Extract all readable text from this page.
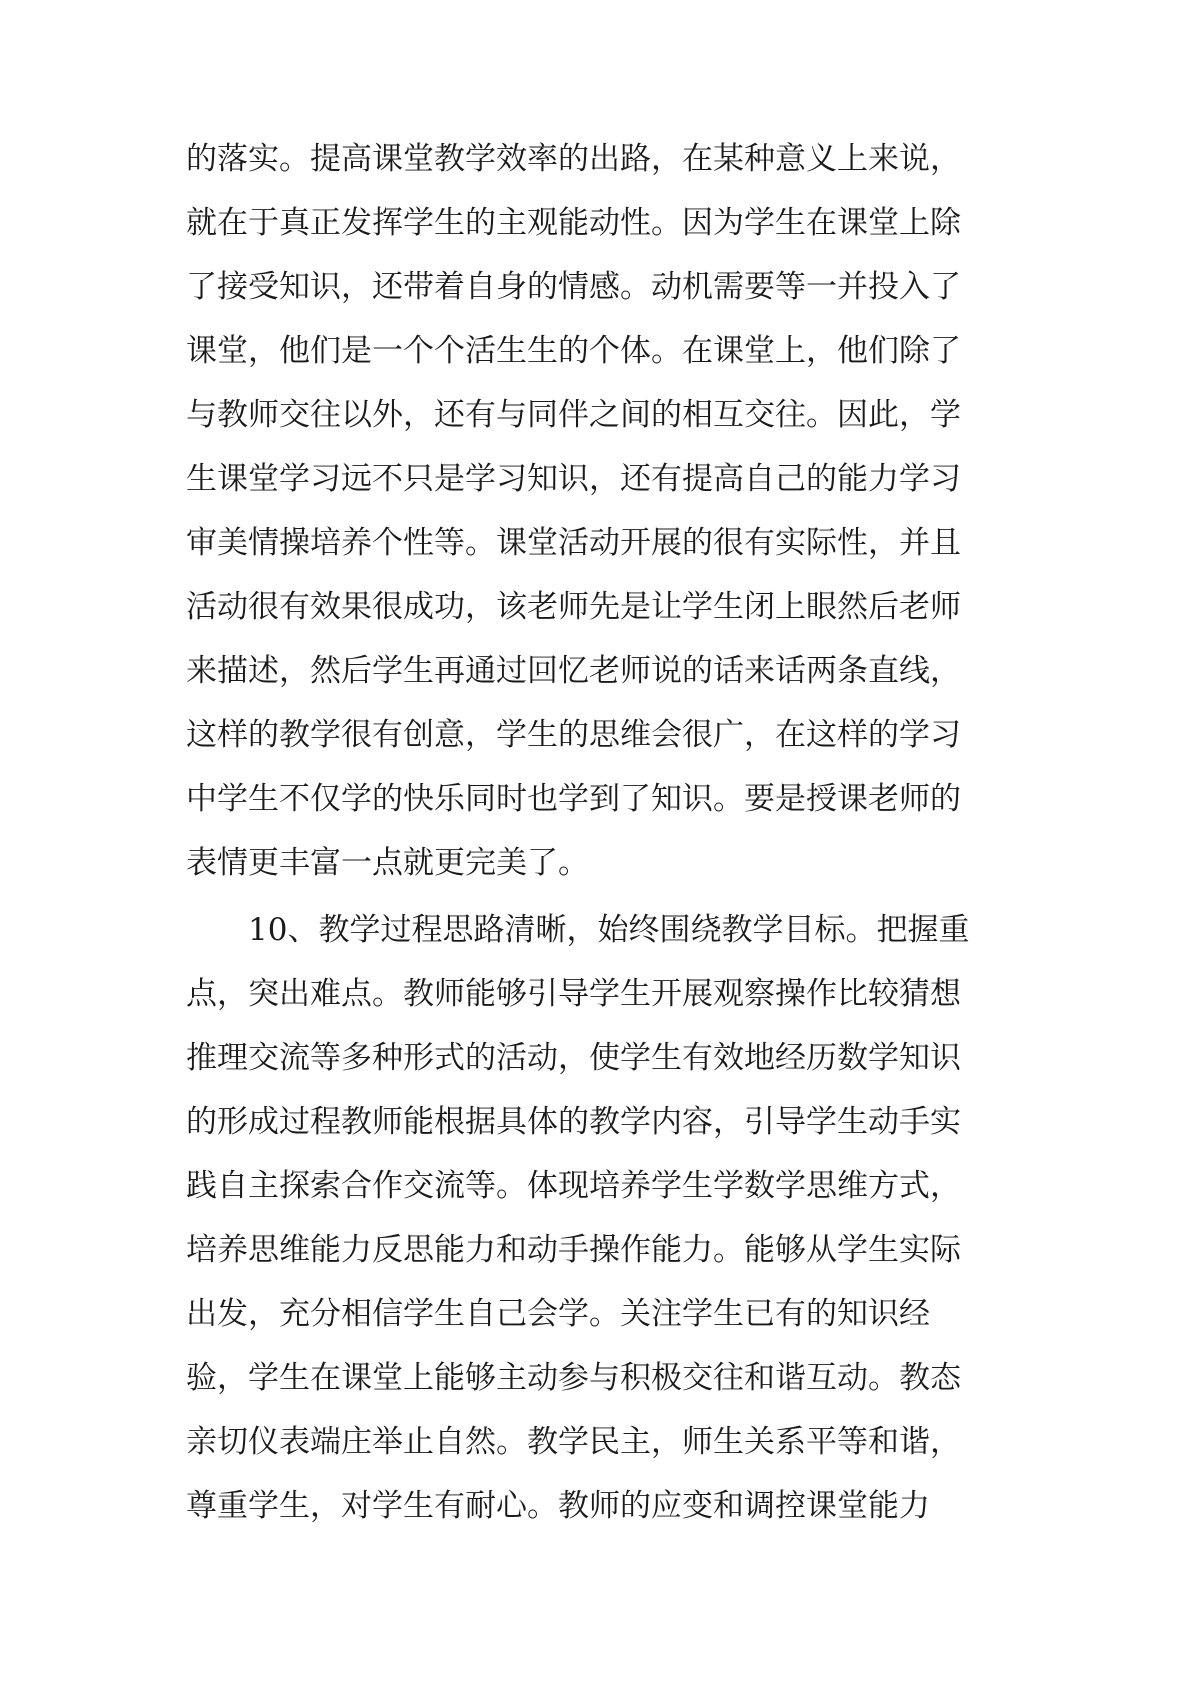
的落实。提高课堂教学效率的出路，在某种意义上来说，
就在于真正发挥学生的主观能动性。因为学生在课堂上除
了接受知识，还带着自身的情感。动机需要等一并投入了
课堂，他们是一个个活生生的个体。在课堂上，他们除了
与教师交往以外，还有与同伴之间的相互交往。因此，学
生课堂学习远不只是学习知识，还有提高自己的能力学习
审美情操培养个性等。课堂活动开展的很有实际性，并且
活动很有效果很成功，该老师先是让学生闭上眼然后老师
来描述，然后学生再通过回忆老师说的话来话两条直线，
这样的教学很有创意，学生的思维会很广，在这样的学习
中学生不仅学的快乐同时也学到了知识。要是授课老师的
表情更丰富一点就更完美了。
10、教学过程思路清晰，始终围绕教学目标。把握重
点，突出难点。教师能够引导学生开展观察操作比较猜想
推理交流等多种形式的活动，使学生有效地经历数学知识
的形成过程教师能根据具体的教学内容，引导学生动手实
践自主探索合作交流等。体现培养学生学数学思维方式，
培养思维能力反思能力和动手操作能力。能够从学生实际
出发，充分相信学生自己会学。关注学生已有的知识经
验，学生在课堂上能够主动参与积极交往和谐互动。教态
亲切仪表端庄举止自然。教学民主，师生关系平等和谐，
尊重学生，对学生有耐心。教师的应变和调控课堂能力
